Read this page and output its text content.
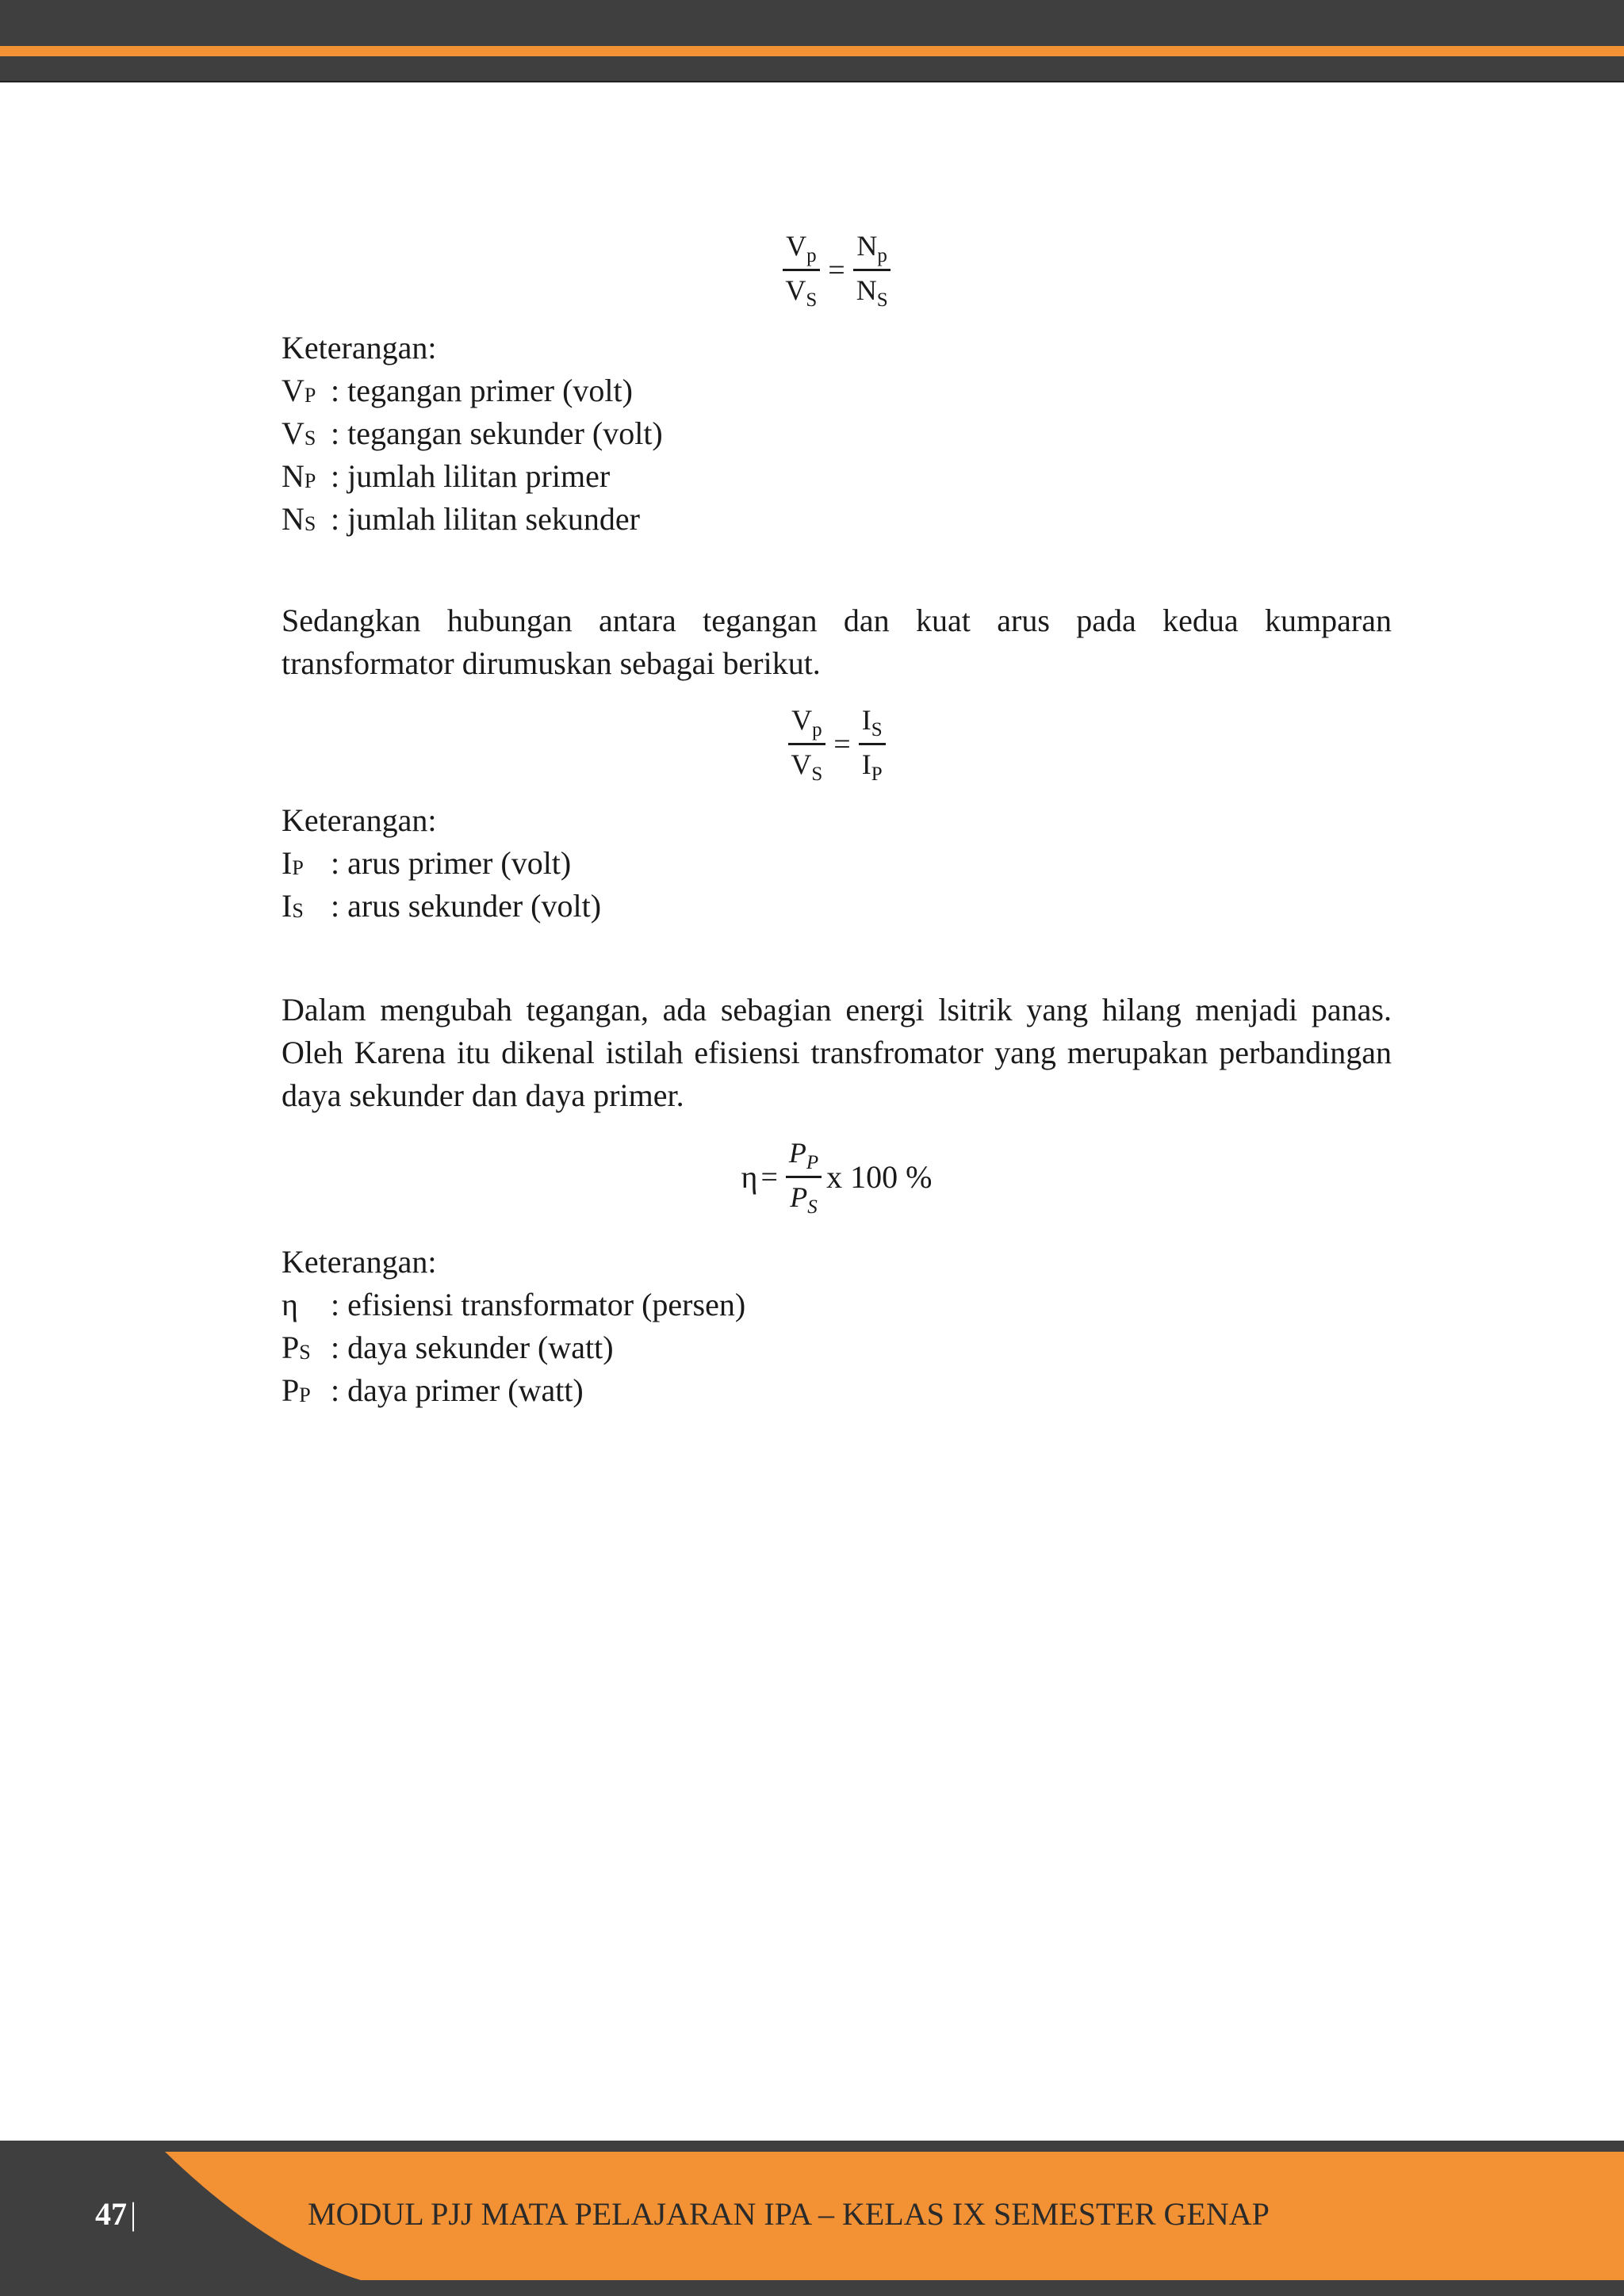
$\frac{V_p}{V_S} = \frac{N_p}{N_S}$
Keterangan:
VP : tegangan primer (volt)
VS : tegangan sekunder (volt)
NP : jumlah lilitan primer
NS : jumlah lilitan sekunder
Sedangkan hubungan antara tegangan dan kuat arus pada kedua kumparan transformator dirumuskan sebagai berikut.
$\frac{V_p}{V_S} = \frac{I_S}{I_P}$
Keterangan:
IP : arus primer (volt)
IS : arus sekunder (volt)
Dalam mengubah tegangan, ada sebagian energi lsitrik yang hilang menjadi panas. Oleh Karena itu dikenal istilah efisiensi transfromator yang merupakan perbandingan daya sekunder dan daya primer.
$\eta = \frac{P_P}{P_S}$ x 100 %
Keterangan:
η	: efisiensi transformator (persen)
PS : daya sekunder (watt)
PP : daya primer (watt)
47 |	MODUL PJJ MATA PELAJARAN IPA – KELAS IX SEMESTER GENAP
